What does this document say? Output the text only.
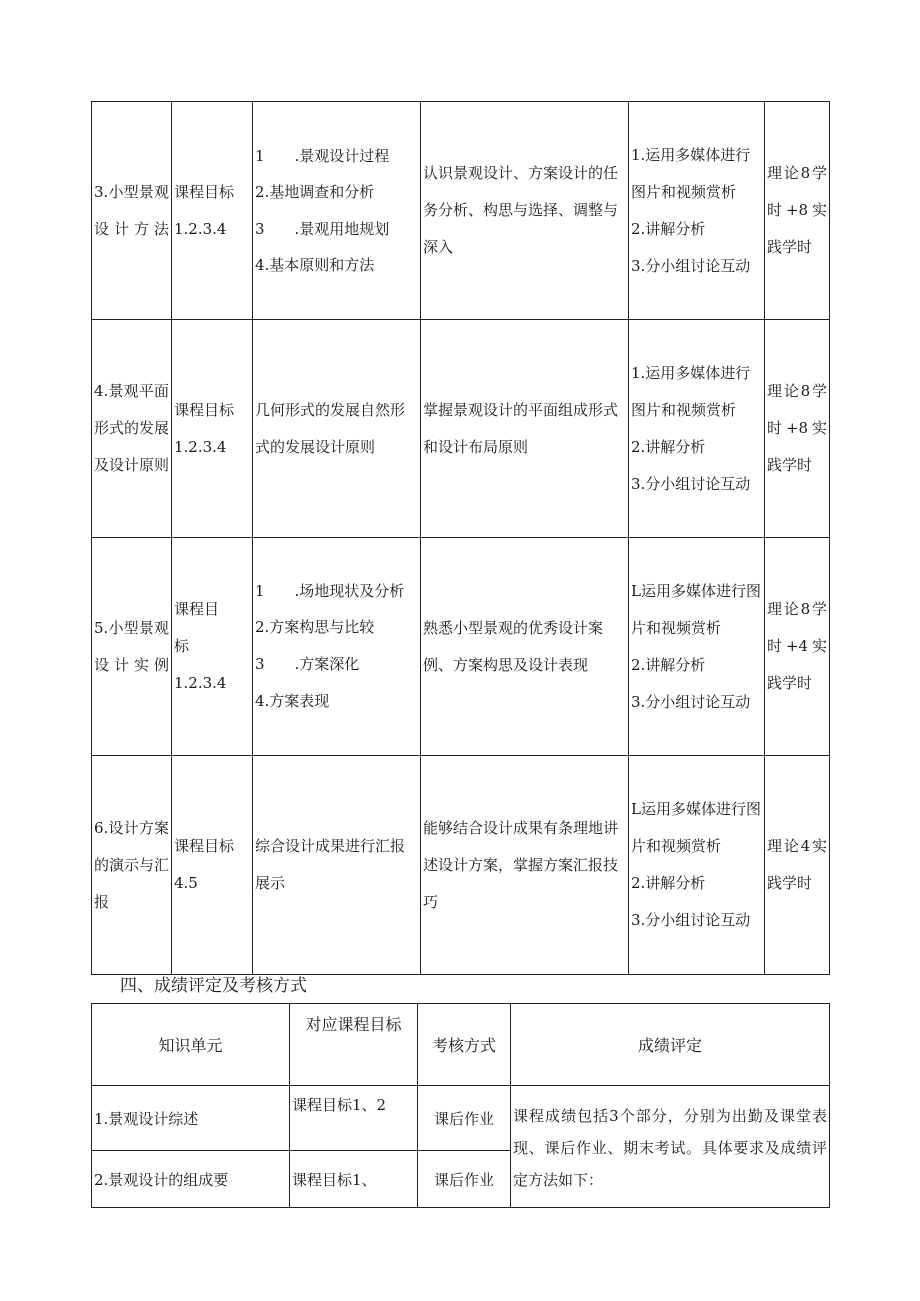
3.小型景观设计方法	课程目标
1.2.3.4	1　　.景观设计过程
2.基地调查和分析
3　　.景观用地规划
4.基本原则和方法	认识景观设计、方案设计的任务分析、构思与选择、调整与深入	1.运用多媒体进行图片和视频赏析
2.讲解分析
3.分小组讨论互动	理论8学时+8实践学时
4.景观平面形式的发展及设计原则	课程目标
1.2.3.4	几何形式的发展自然形式的发展设计原则	掌握景观设计的平面组成形式和设计布局原则	1.运用多媒体进行图片和视频赏析
2.讲解分析
3.分小组讨论互动	理论8学时+8实践学时
5.小型景观设计实例	课程目
标
1.2.3.4	1　　.场地现状及分析
2.方案构思与比较
3　　.方案深化
4.方案表现	熟悉小型景观的优秀设计案例、方案构思及设计表现	L运用多媒体进行图片和视频赏析
2.讲解分析
3.分小组讨论互动	理论8学时+4实践学时
6.设计方案的演示与汇报	课程目标
4.5	综合设计成果进行汇报展示	能够结合设计成果有条理地讲述设计方案，掌握方案汇报技巧	L运用多媒体进行图片和视频赏析
2.讲解分析
3.分小组讨论互动	理论4实践学时
四、成绩评定及考核方式
知识单元	对应课程目标	考核方式	成绩评定
1.景观设计综述	课程目标1、2	课后作业	课程成绩包括3个部分，分别为出勤及课堂表现、课后作业、期末考试。具体要求及成绩评定方法如下：
2.景观设计的组成要	课程目标1、	课后作业	
